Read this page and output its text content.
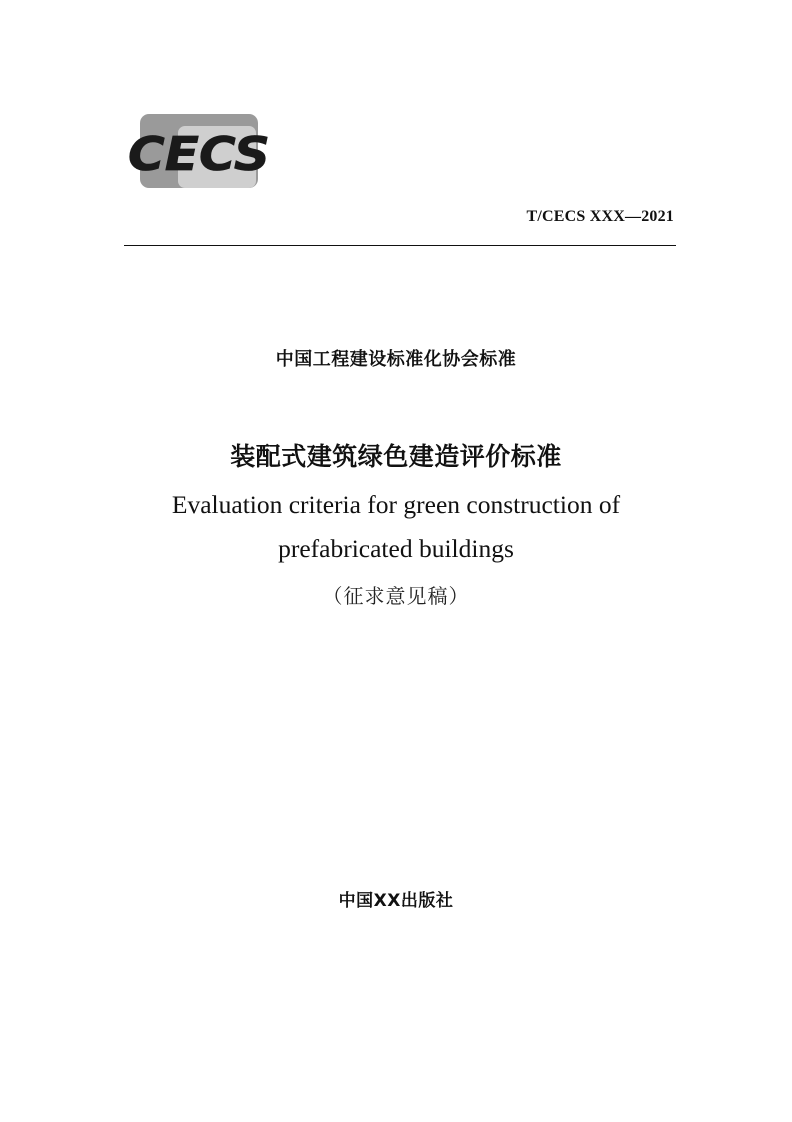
CECS
T/CECS XXX—2021
中国工程建设标准化协会标准
装配式建筑绿色建造评价标准
Evaluation criteria for green construction of
prefabricated buildings
（征求意见稿）
中国XX出版社
